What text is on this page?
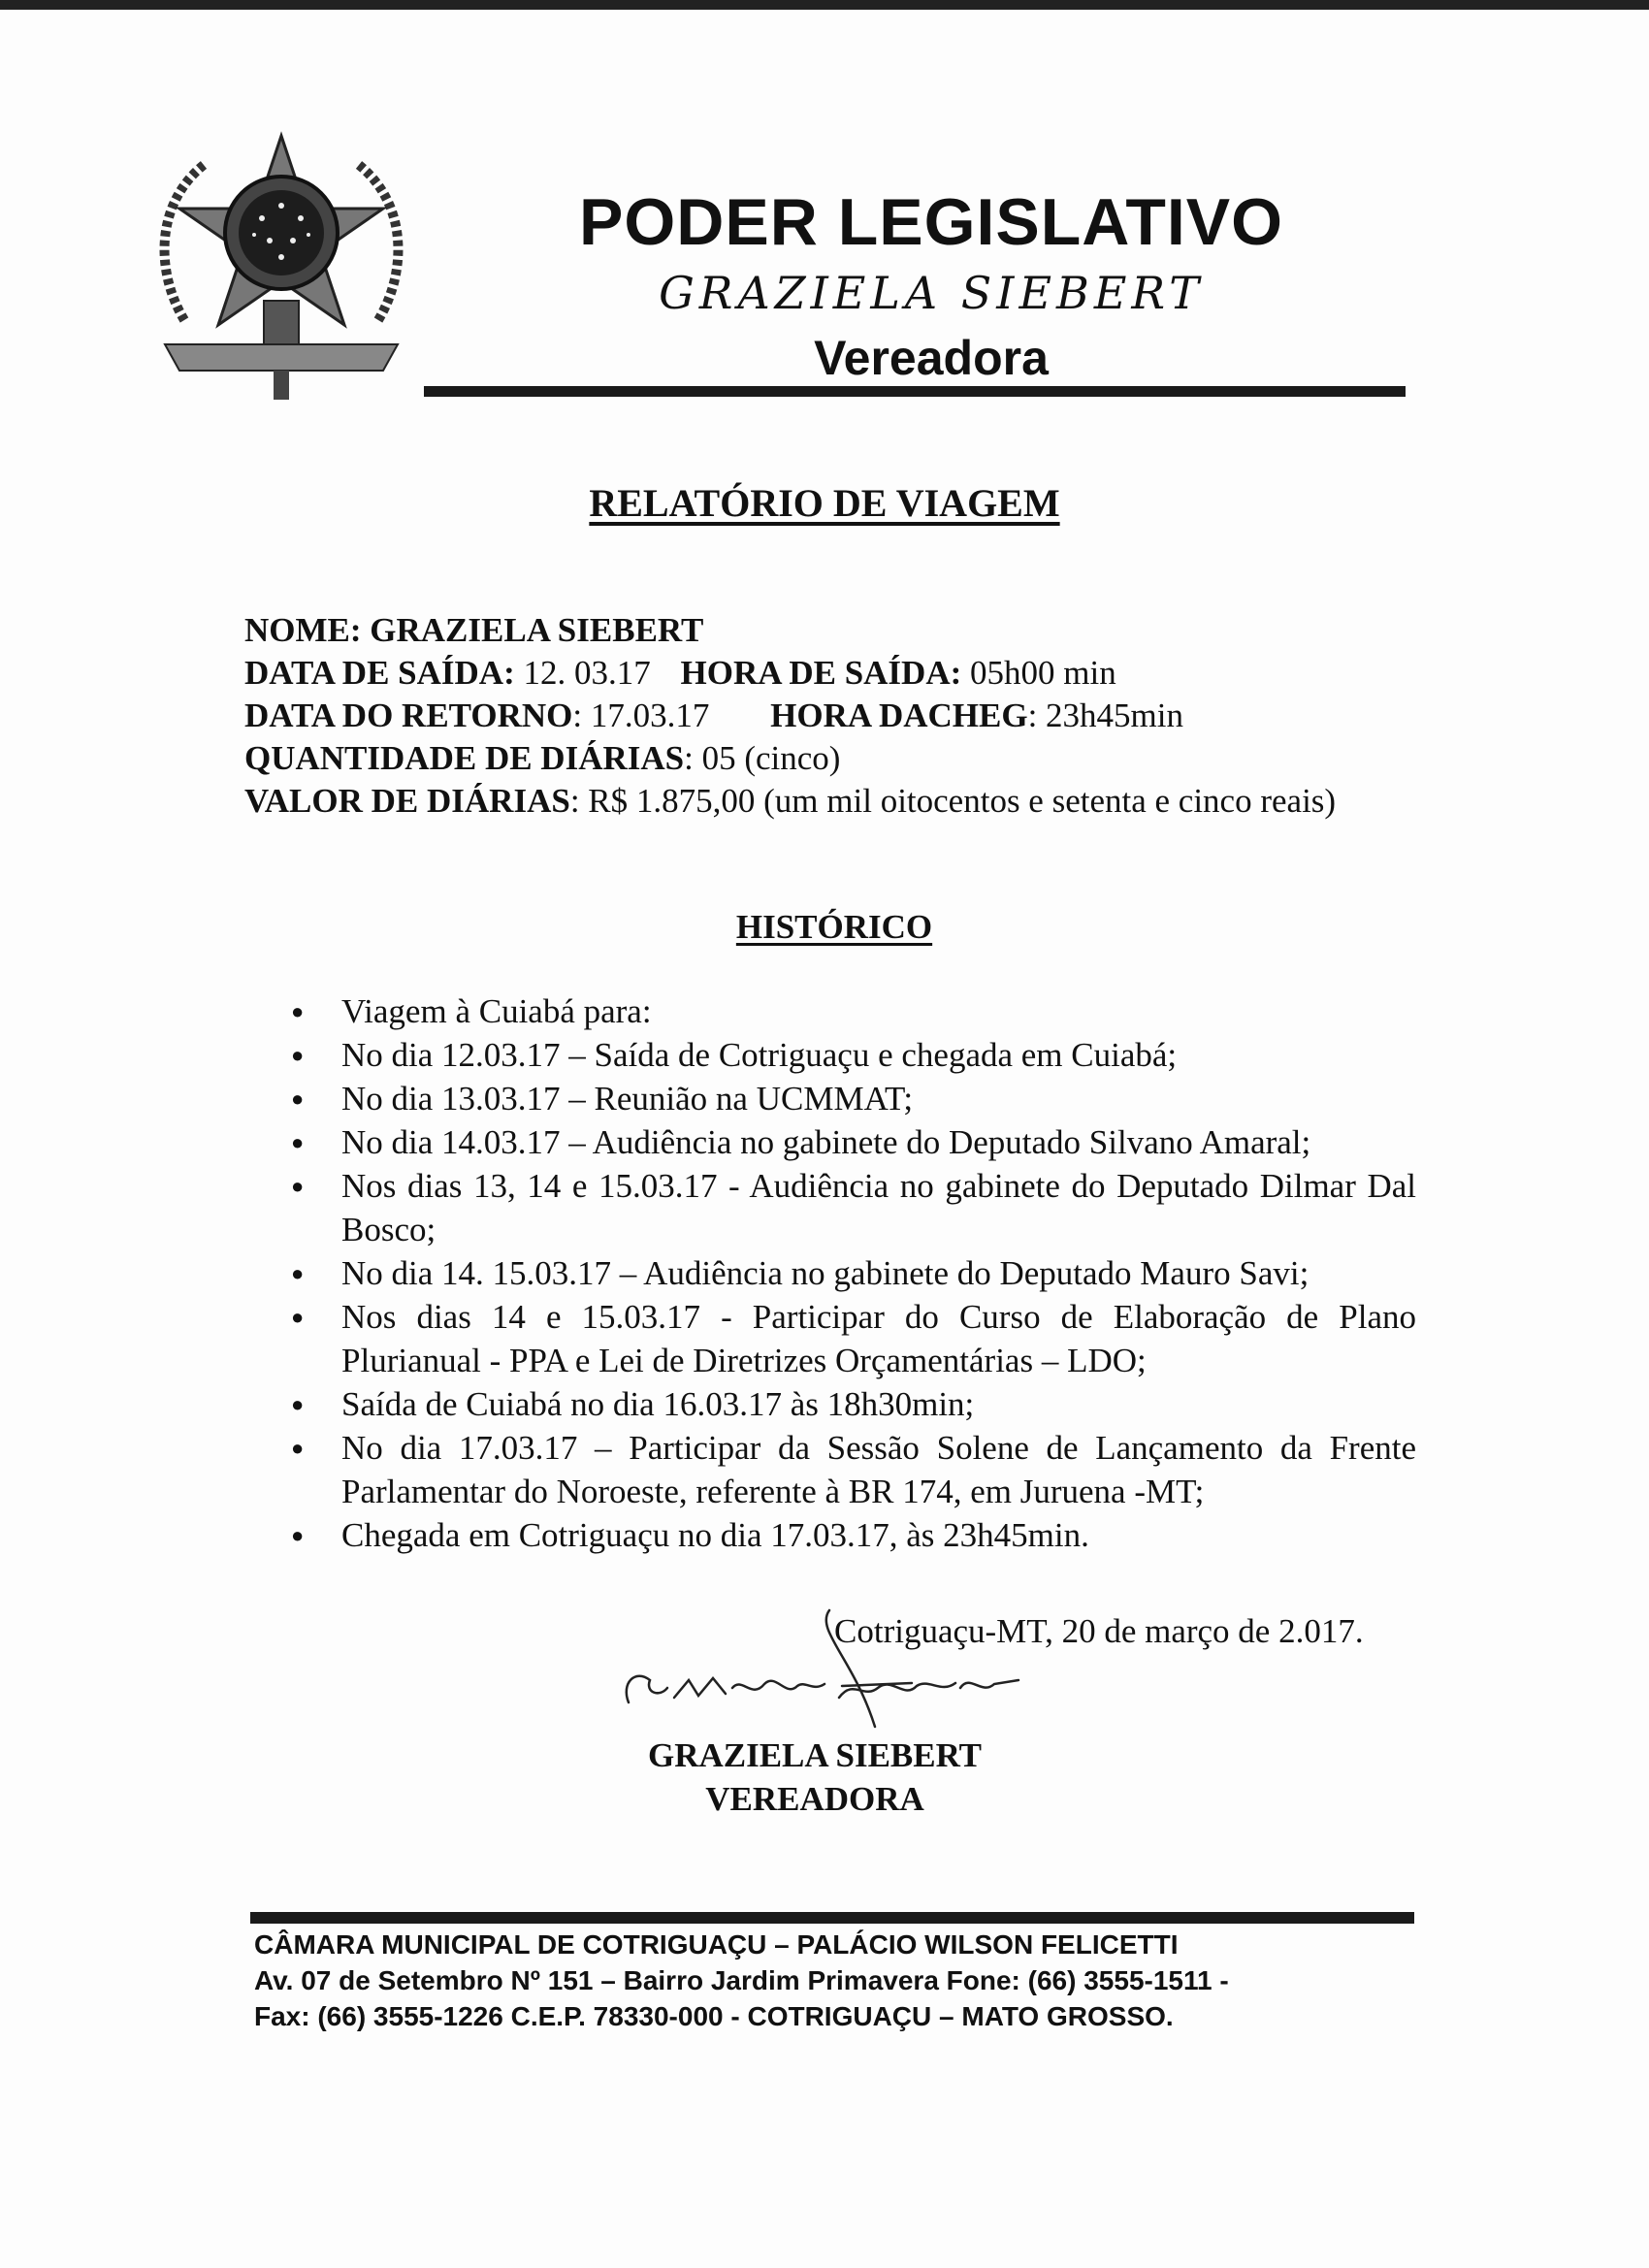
PODER LEGISLATIVO
GRAZIELA SIEBERT
Vereadora
RELATÓRIO DE VIAGEM
NOME: GRAZIELA SIEBERT
DATA DE SAÍDA: 12. 03.17 HORA DE SAÍDA: 05h00 min
DATA DO RETORNO: 17.03.17 HORA DACHEG: 23h45min
QUANTIDADE DE DIÁRIAS: 05 (cinco)
VALOR DE DIÁRIAS: R$ 1.875,00 (um mil oitocentos e setenta e cinco reais)
HISTÓRICO
● Viagem à Cuiabá para:
● No dia 12.03.17 – Saída de Cotriguaçu e chegada em Cuiabá;
● No dia 13.03.17 – Reunião na UCMMAT;
● No dia 14.03.17 – Audiência no gabinete do Deputado Silvano Amaral;
● Nos dias 13, 14 e 15.03.17 - Audiência no gabinete do Deputado Dilmar Dal Bosco;
● No dia 14. 15.03.17 – Audiência no gabinete do Deputado Mauro Savi;
● Nos dias 14 e 15.03.17 - Participar do Curso de Elaboração de Plano Plurianual - PPA e Lei de Diretrizes Orçamentárias – LDO;
● Saída de Cuiabá no dia 16.03.17 às 18h30min;
● No dia 17.03.17 – Participar da Sessão Solene de Lançamento da Frente Parlamentar do Noroeste, referente à BR 174, em Juruena -MT;
● Chegada em Cotriguaçu no dia 17.03.17, às 23h45min.
Cotriguaçu-MT, 20 de março de 2.017.
GRAZIELA SIEBERT
VEREADORA
CÂMARA MUNICIPAL DE COTRIGUAÇU – PALÁCIO WILSON FELICETTI
Av. 07 de Setembro Nº 151 – Bairro Jardim Primavera Fone: (66) 3555-1511 -
Fax: (66) 3555-1226 C.E.P. 78330-000 - COTRIGUAÇU – MATO GROSSO.
